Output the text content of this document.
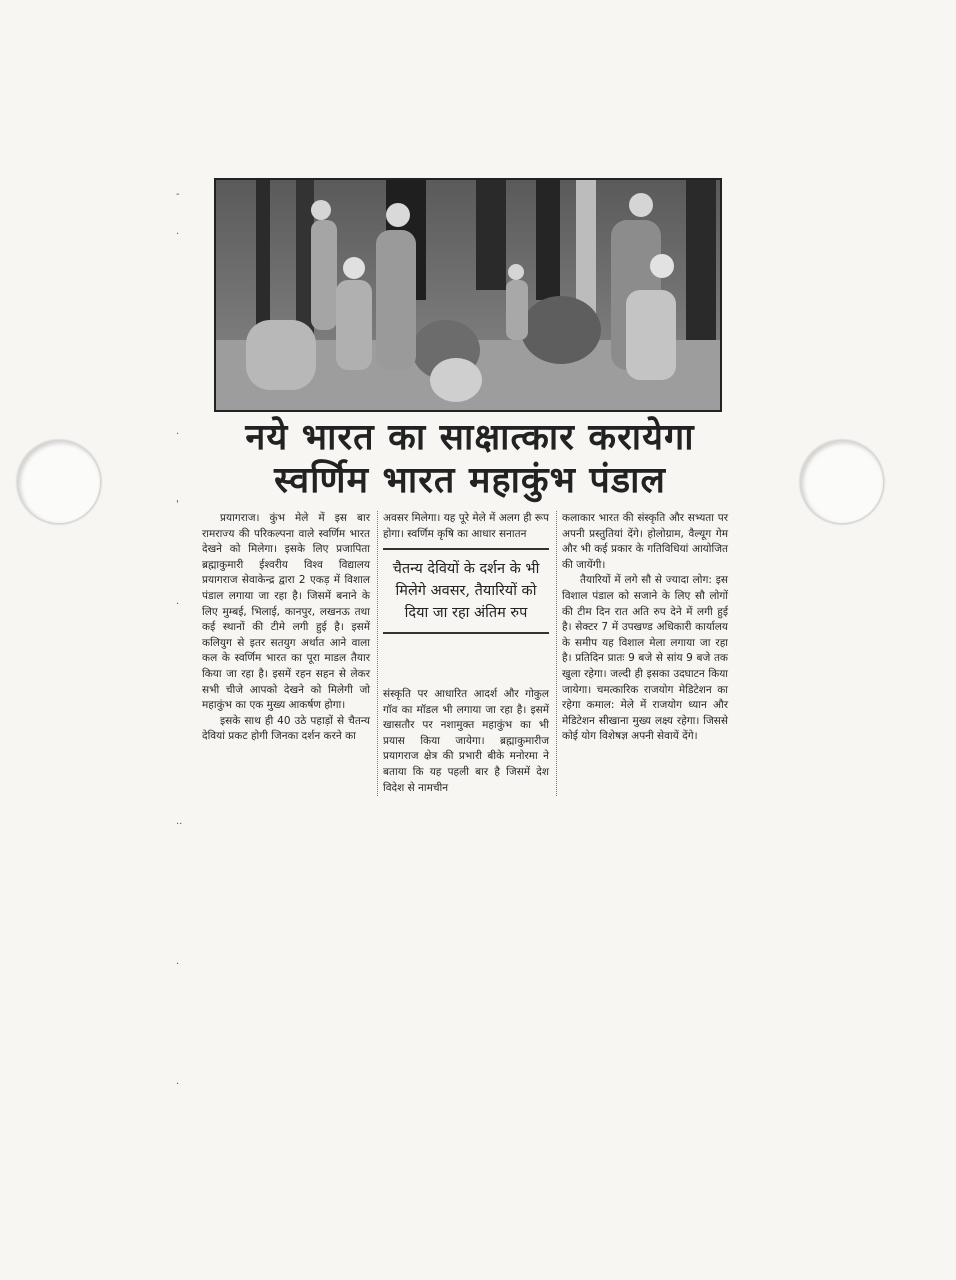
-
·
·
'
·
··
·
·
नये भारत का साक्षात्कार करायेगा
स्वर्णिम भारत महाकुंभ पंडाल

प्रयागराज। कुंभ मेले में इस बार रामराज्य की परिकल्पना वाले स्वर्णिम भारत देखने को मिलेगा। इसके लिए प्रजापिता ब्रह्माकुमारी ईश्वरीय विश्व विद्यालय प्रयागराज सेवाकेन्द्र द्वारा 2 एकड़ में विशाल पंडाल लगाया जा रहा है। जिसमें बनाने के लिए मुम्बई, भिलाई, कानपुर, लखनऊ तथा कई स्थानों की टीमे लगी हुई है। इसमें कलियुग से इतर सतयुग अर्थात आने वाला कल के स्वर्णिम भारत का पूरा माडल तैयार किया जा रहा है। इसमें रहन सहन से लेकर सभी चीजे आपको देखने को मिलेगी जो महाकुंभ का एक मुख्य आकर्षण होगा।

इसके साथ ही 40 उठे पहाड़ों से चैतन्य देवियां प्रकट होगी जिनका दर्शन करने का

अवसर मिलेगा। यह पूरे मेले में अलग ही रूप होगा। स्वर्णिम कृषि का आधार सनातन
चैतन्य देवियों के दर्शन के भी मिलेगे अवसर, तैयारियों को दिया जा रहा अंतिम रुप
संस्कृति पर आधारित आदर्श और गोकुल गॉव का मॉडल भी लगाया जा रहा है। इसमें खासतौर पर नशामुक्त महाकुंभ का भी प्रयास किया जायेगा। ब्रह्माकुमारीज प्रयागराज क्षेत्र की प्रभारी बीके मनोरमा ने बताया कि यह पहली बार है जिसमें देश विदेश से नामचीन

कलाकार भारत की संस्कृति और सभ्यता पर अपनी प्रस्तुतियां देंगे। होलोग्राम, वैल्यूग गेम और भी कई प्रकार के गतिविधियां आयोजित की जायेंगी।

तैयारियों में लगे सौ से ज्यादा लोग: इस विशाल पंडाल को सजाने के लिए सौ लोगों की टीम दिन रात अति रुप देने में लगी हुई है। सेक्टर 7 में उपखण्ड अधिकारी कार्यालय के समीप यह विशाल मेला लगाया जा रहा है। प्रतिदिन प्रातः 9 बजे से सांय 9 बजे तक खुला रहेगा। जल्दी ही इसका उदघाटन किया जायेगा। चमत्कारिक राजयोग मेडिटेशन का रहेगा कमाल: मेले में राजयोग ध्यान और मेडिटेशन सीखाना मुख्य लक्ष्य रहेगा। जिससे कोई योग विशेषज्ञ अपनी सेवायें देंगे।
